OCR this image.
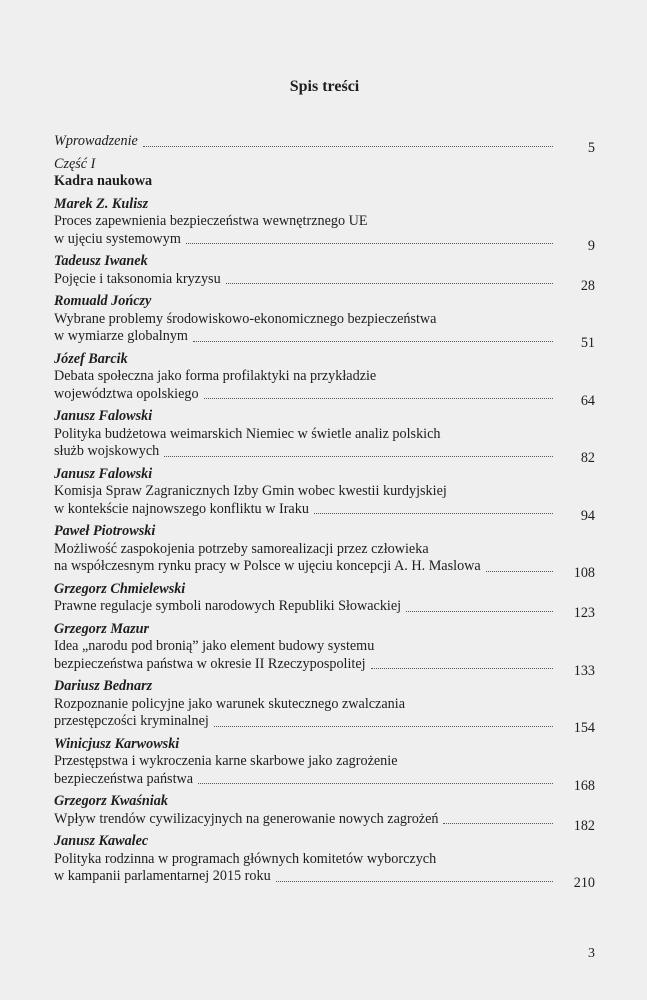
Spis treści
Wprowadzenie	5
Część I
Kadra naukowa
Marek Z. Kulisz
Proces zapewnienia bezpieczeństwa wewnętrznego UE
w ujęciu systemowym	9
Tadeusz Iwanek
Pojęcie i taksonomia kryzysu	28
Romuald Jończy
Wybrane problemy środowiskowo-ekonomicznego bezpieczeństwa
w wymiarze globalnym	51
Józef Barcik
Debata społeczna jako forma profilaktyki na przykładzie
województwa opolskiego	64
Janusz Falowski
Polityka budżetowa weimarskich Niemiec w świetle analiz polskich
służb wojskowych	82
Janusz Falowski
Komisja Spraw Zagranicznych Izby Gmin wobec kwestii kurdyjskiej
w kontekście najnowszego konfliktu w Iraku	94
Paweł Piotrowski
Możliwość zaspokojenia potrzeby samorealizacji przez człowieka
na współczesnym rynku pracy w Polsce w ujęciu koncepcji A. H. Maslowa	108
Grzegorz Chmielewski
Prawne regulacje symboli narodowych Republiki Słowackiej	123
Grzegorz Mazur
Idea „narodu pod bronią” jako element budowy systemu
bezpieczeństwa państwa w okresie II Rzeczypospolitej	133
Dariusz Bednarz
Rozpoznanie policyjne jako warunek skutecznego zwalczania
przestępczości kryminalnej	154
Winicjusz Karwowski
Przestępstwa i wykroczenia karne skarbowe jako zagrożenie
bezpieczeństwa państwa	168
Grzegorz Kwaśniak
Wpływ trendów cywilizacyjnych na generowanie nowych zagrożeń	182
Janusz Kawalec
Polityka rodzinna w programach głównych komitetów wyborczych
w kampanii parlamentarnej 2015 roku	210
3
